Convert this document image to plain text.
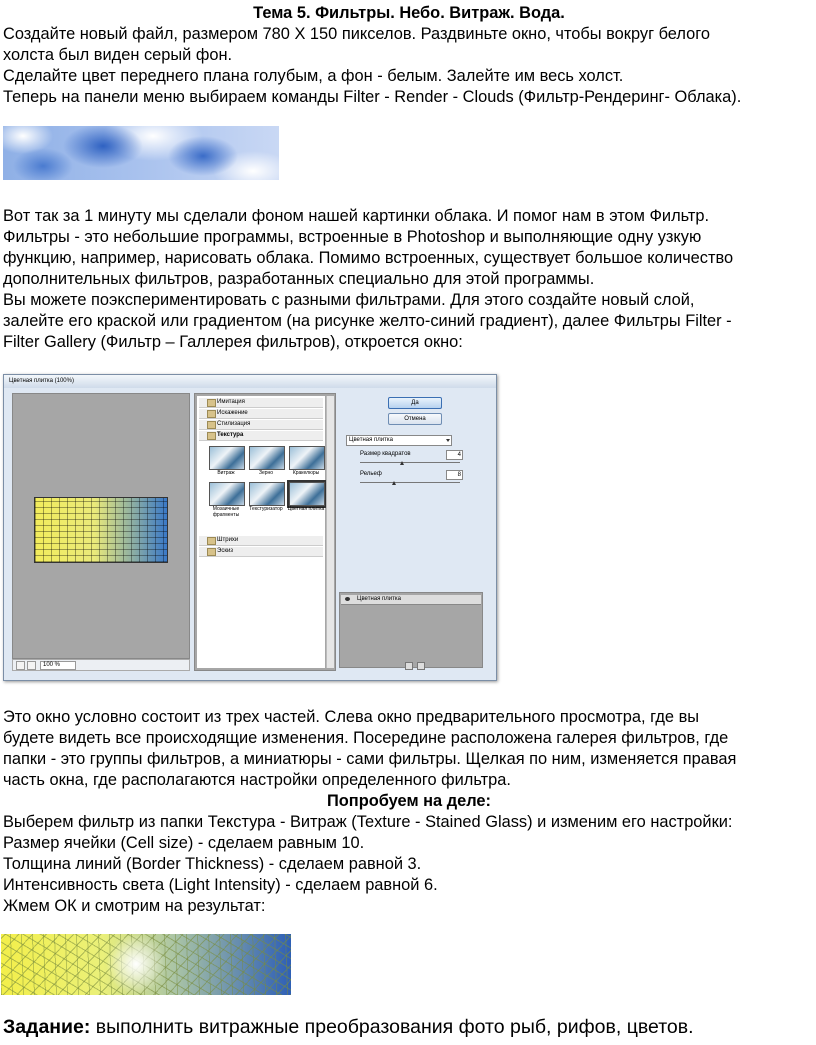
Тема 5. Фильтры. Небо. Витраж. Вода.

Создайте новый файл, размером 780 X 150 пикселов. Раздвиньте окно, чтобы вокруг белого

холста был виден серый фон.

Сделайте цвет переднего плана голубым, а фон - белым. Залейте им весь холст.

Теперь на панели меню выбираем команды Filter - Render - Clouds (Фильтр-Рендеринг- Облака).

Вот так за 1 минуту мы сделали фоном нашей картинки облака. И помог нам в этом Фильтр.

Фильтры - это небольшие программы, встроенные в Photoshop и выполняющие одну узкую

функцию, например, нарисовать облака. Помимо встроенных, существует большое количество

дополнительных фильтров, разработанных специально для этой программы.

Вы можете поэкспериментировать с разными фильтрами. Для этого создайте новый слой,

залейте его краской или градиентом (на рисунке желто-синий градиент), далее Фильтры Filter -

Filter Gallery (Фильтр – Галлерея фильтров), откроется окно:

Цветная плитка (100%)
100 %
Имитация
Искажение
Стилизация
Текстура
Витраж	Зерно	Кракелюры
Мозаичные фрагменты
Текстуризатор Цветная плитка
Штрихи
Эскиз
Да
Отмена
Цветная плитка
Размер квадратов	4
Рельеф	8
Цветная плитка

Это окно условно состоит из трех частей. Слева окно предварительного просмотра, где вы

будете видеть все происходящие изменения. Посередине расположена галерея фильтров, где

папки - это группы фильтров, а миниатюры - сами фильтры. Щелкая по ним, изменяется правая

часть окна, где располагаются настройки определенного фильтра.

Попробуем на деле:

Выберем фильтр из папки Текстура - Витраж (Texture - Stained Glass) и изменим его настройки:

Размер ячейки (Cell size) - сделаем равным 10.

Толщина линий (Border Thickness) - сделаем равной 3.

Интенсивность света (Light Intensity) - сделаем равной 6.

Жмем ОК и смотрим на результат:

Задание: выполнить витражные преобразования фото рыб, рифов, цветов.
